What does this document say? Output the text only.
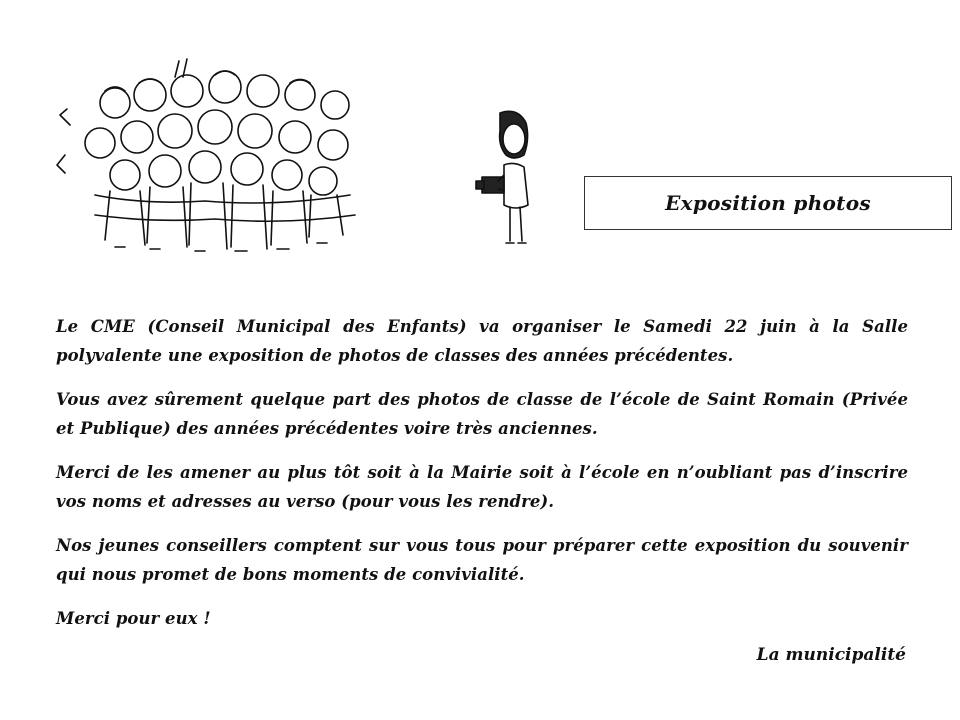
Exposition photos

Le CME (Conseil Municipal des Enfants) va organiser le Samedi 22 juin à la Salle polyvalente une exposition de photos de classes des années précédentes.

Vous avez sûrement quelque part des photos de classe de l’école de Saint Romain (Privée et Publique) des années précédentes voire très anciennes.

Merci de les amener au plus tôt soit à la Mairie soit à l’école en n’oubliant pas d’inscrire vos noms et adresses au verso (pour vous les rendre).

Nos jeunes conseillers comptent sur vous tous pour préparer cette exposition du souvenir qui nous promet de bons moments de convivialité.

Merci pour eux !

La municipalité
